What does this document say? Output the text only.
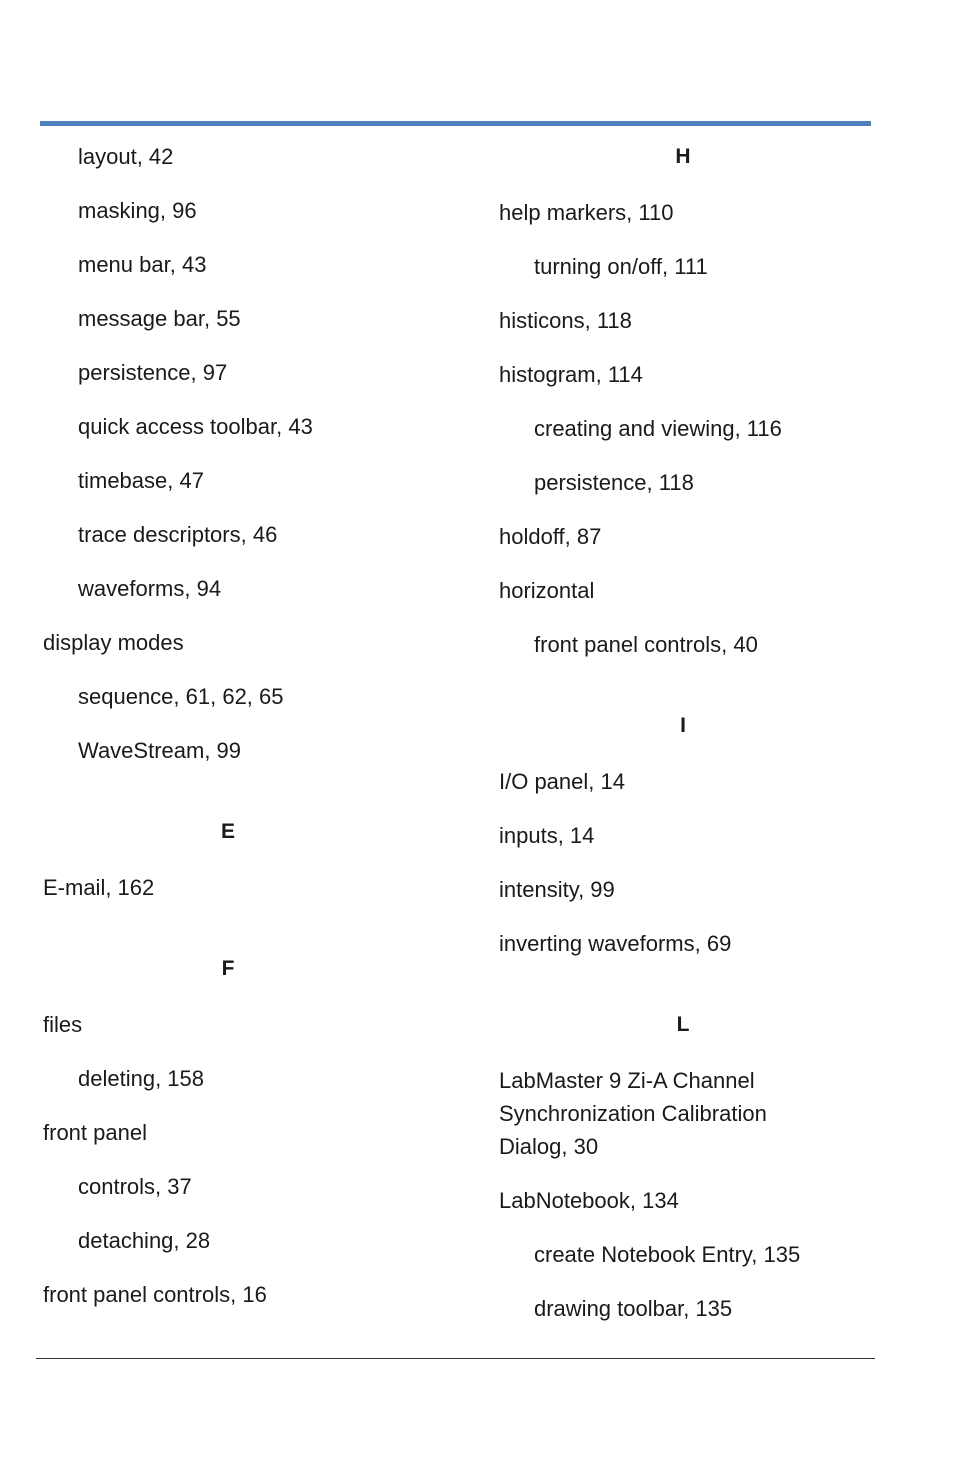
layout, 42
masking, 96
menu bar, 43
message bar, 55
persistence, 97
quick access toolbar, 43
timebase, 47
trace descriptors, 46
waveforms, 94
display modes
sequence, 61, 62, 65
WaveStream, 99
E
E-mail, 162
F
files
deleting, 158
front panel
controls, 37
detaching, 28
front panel controls, 16
H
help markers, 110
turning on/off, 111
histicons, 118
histogram, 114
creating and viewing, 116
persistence, 118
holdoff, 87
horizontal
front panel controls, 40
I
I/O panel, 14
inputs, 14
intensity, 99
inverting waveforms, 69
L
LabMaster 9 Zi-A Channel Synchronization Calibration Dialog, 30
LabNotebook, 134
create Notebook Entry, 135
drawing toolbar, 135
